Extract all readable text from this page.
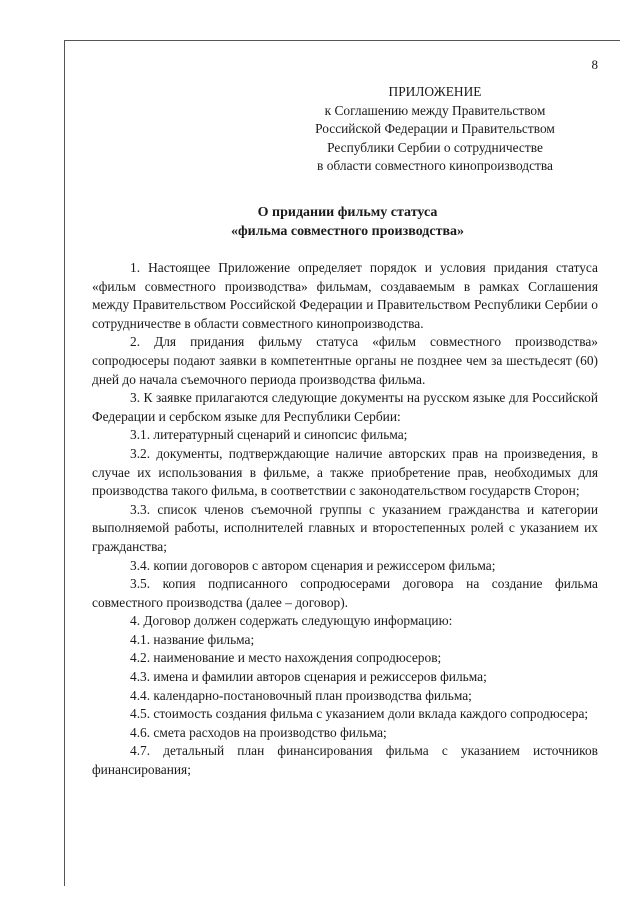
8
ПРИЛОЖЕНИЕ
к Соглашению между Правительством
Российской Федерации и Правительством
Республики Сербии о сотрудничестве
в области совместного кинопроизводства
О придании фильму статуса
«фильма совместного производства»

1. Настоящее Приложение определяет порядок и условия придания статуса «фильм совместного производства» фильмам, создаваемым в рамках Соглашения между Правительством Российской Федерации и Правительством Республики Сербии о сотрудничестве в области совместного кинопроизводства.

2. Для придания фильму статуса «фильм совместного производства» сопродюсеры подают заявки в компетентные органы не позднее чем за шестьдесят (60) дней до начала съемочного периода производства фильма.

3. К заявке прилагаются следующие документы на русском языке для Российской Федерации и сербском языке для Республики Сербии:

3.1. литературный сценарий и синопсис фильма;

3.2. документы, подтверждающие наличие авторских прав на произведения, в случае их использования в фильме, а также приобретение прав, необходимых для производства такого фильма, в соответствии с законодательством государств Сторон;

3.3. список членов съемочной группы с указанием гражданства и категории выполняемой работы, исполнителей главных и второстепенных ролей с указанием их гражданства;

3.4. копии договоров с автором сценария и режиссером фильма;

3.5. копия подписанного сопродюсерами договора на создание фильма совместного производства (далее – договор).

4. Договор должен содержать следующую информацию:

4.1. название фильма;

4.2. наименование и место нахождения сопродюсеров;

4.3. имена и фамилии авторов сценария и режиссеров фильма;

4.4. календарно-постановочный план производства фильма;

4.5. стоимость создания фильма с указанием доли вклада каждого сопродюсера;

4.6. смета расходов на производство фильма;

4.7. детальный план финансирования фильма с указанием источников финансирования;
